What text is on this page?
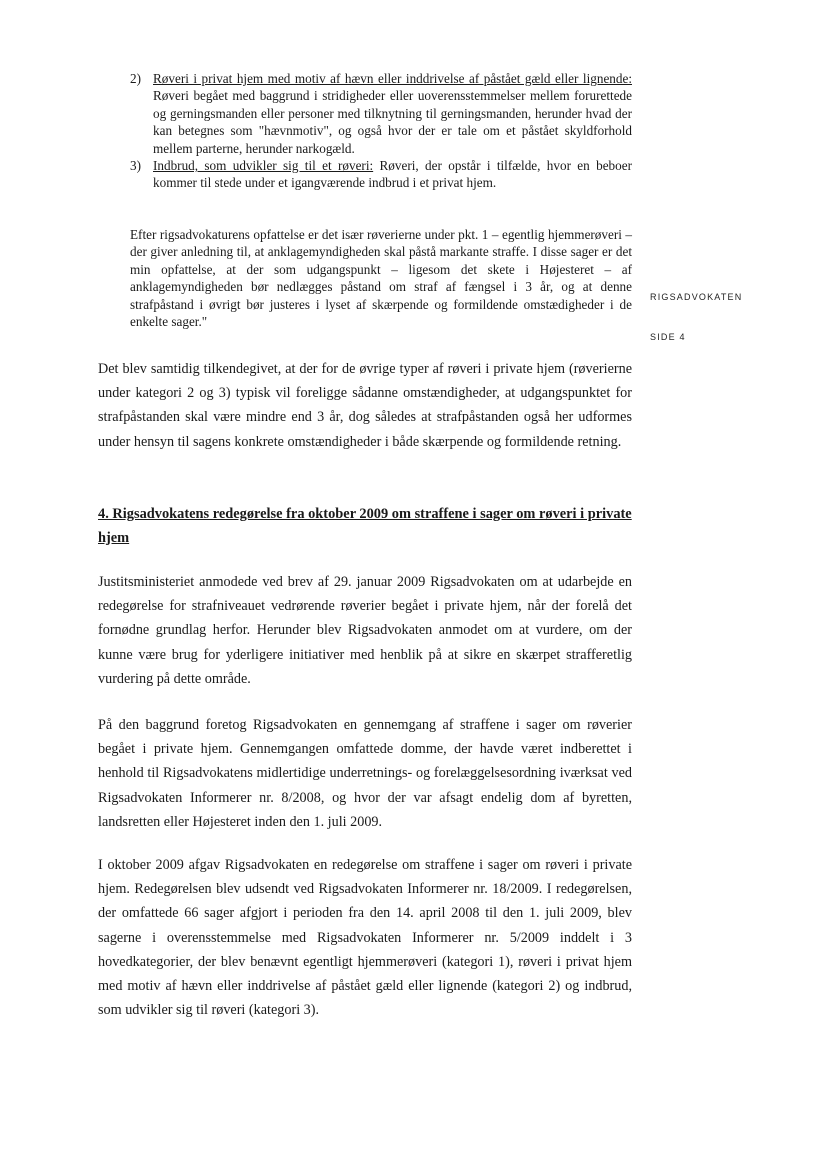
RIGSADVOKATEN
SIDE 4

2) Røveri i privat hjem med motiv af hævn eller inddrivelse af påstået gæld eller lignende: Røveri begået med baggrund i stridigheder eller uoverensstemmelser mellem forurettede og gerningsmanden eller personer med tilknytning til gerningsmanden, herunder hvad der kan betegnes som "hævnmotiv", og også hvor der er tale om et påstået skyldforhold mellem parterne, herunder narkogæld.

3) Indbrud, som udvikler sig til et røveri: Røveri, der opstår i tilfælde, hvor en beboer kommer til stede under et igangværende indbrud i et privat hjem.

Efter rigsadvokaturens opfattelse er det især røverierne under pkt. 1 – egentlig hjemmerøveri – der giver anledning til, at anklagemyndigheden skal påstå markante straffe. I disse sager er det min opfattelse, at der som udgangspunkt – ligesom det skete i Højesteret – af anklagemyndigheden bør nedlægges påstand om straf af fængsel i 3 år, og at denne strafpåstand i øvrigt bør justeres i lyset af skærpende og formildende omstædigheder i de enkelte sager."

Det blev samtidig tilkendegivet, at der for de øvrige typer af røveri i private hjem (røverierne under kategori 2 og 3) typisk vil foreligge sådanne omstændigheder, at udgangspunktet for strafpåstanden skal være mindre end 3 år, dog således at strafpåstanden også her udformes under hensyn til sagens konkrete omstændigheder i både skærpende og formildende retning.

4. Rigsadvokatens redegørelse fra oktober 2009 om straffene i sager om røveri i private hjem

Justitsministeriet anmodede ved brev af 29. januar 2009 Rigsadvokaten om at udarbejde en redegørelse for strafniveauet vedrørende røverier begået i private hjem, når der forelå det fornødne grundlag herfor. Herunder blev Rigsadvokaten anmodet om at vurdere, om der kunne være brug for yderligere initiativer med henblik på at sikre en skærpet strafferetlig vurdering på dette område.

På den baggrund foretog Rigsadvokaten en gennemgang af straffene i sager om røverier begået i private hjem. Gennemgangen omfattede domme, der havde været indberettet i henhold til Rigsadvokatens midlertidige underretnings- og forelæggelsesordning iværksat ved Rigsadvokaten Informerer nr. 8/2008, og hvor der var afsagt endelig dom af byretten, landsretten eller Højesteret inden den 1. juli 2009.

I oktober 2009 afgav Rigsadvokaten en redegørelse om straffene i sager om røveri i private hjem. Redegørelsen blev udsendt ved Rigsadvokaten Informerer nr. 18/2009. I redegørelsen, der omfattede 66 sager afgjort i perioden fra den 14. april 2008 til den 1. juli 2009, blev sagerne i overensstemmelse med Rigsadvokaten Informerer nr. 5/2009 inddelt i 3 hovedkategorier, der blev benævnt egentligt hjemmerøveri (kategori 1), røveri i privat hjem med motiv af hævn eller inddrivelse af påstået gæld eller lignende (kategori 2) og indbrud, som udvikler sig til røveri (kategori 3).
